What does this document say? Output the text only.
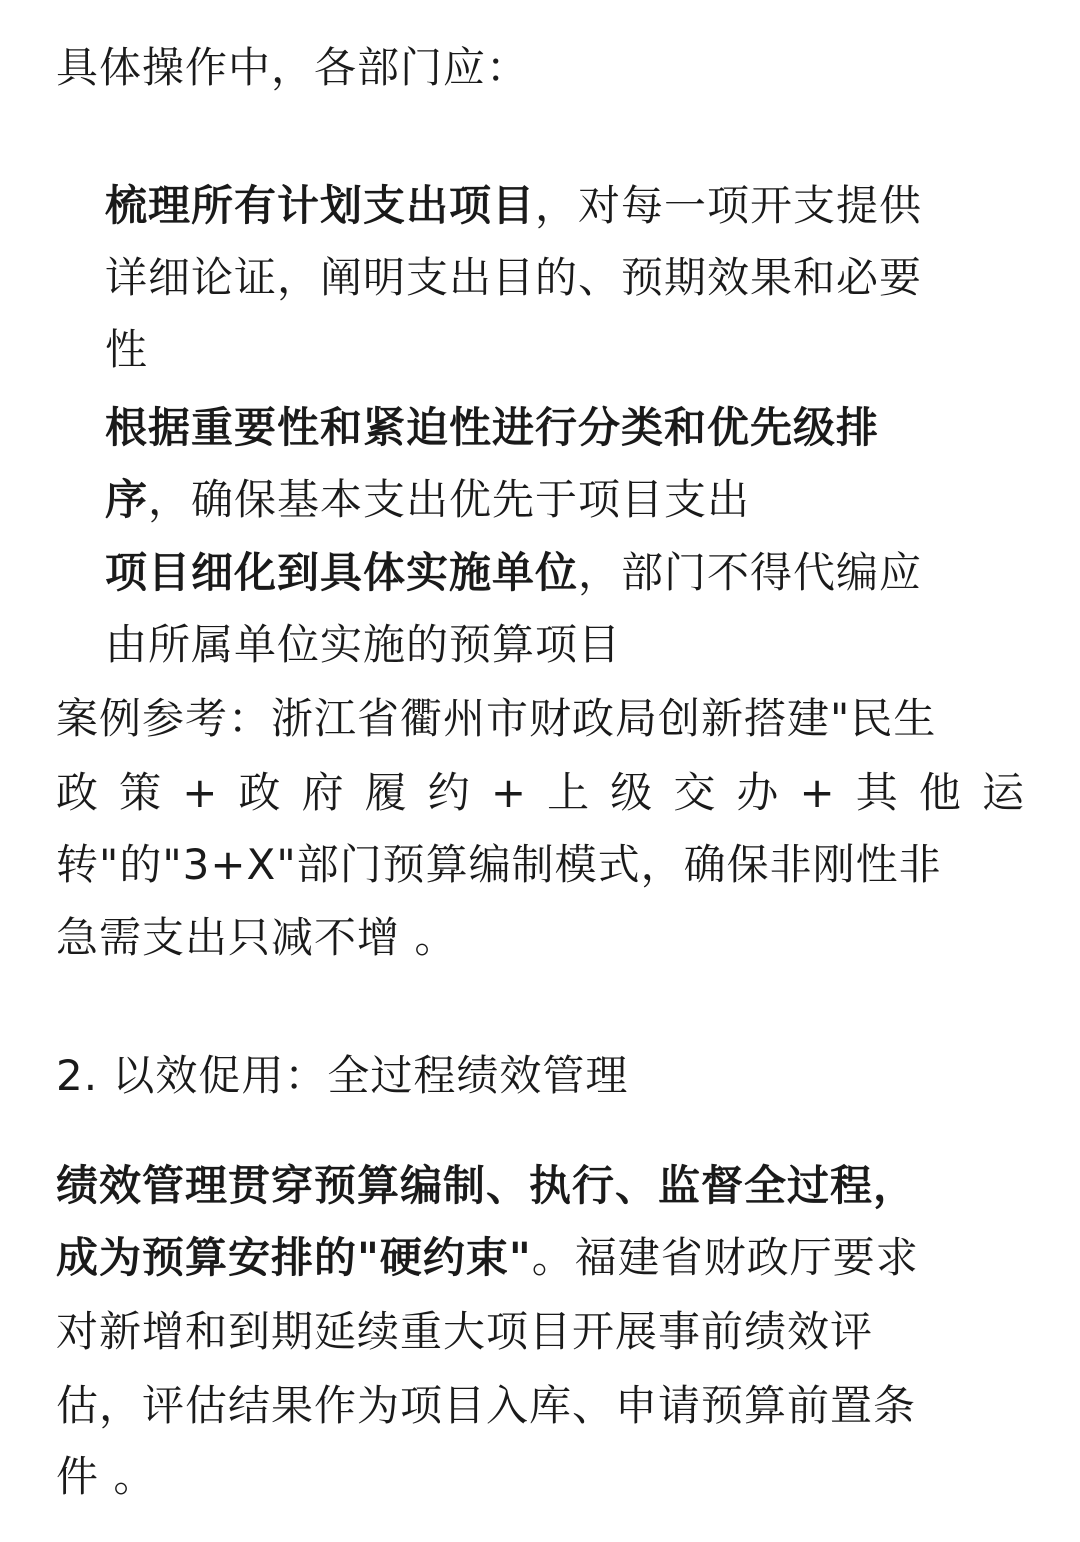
具体操作中，各部门应：

梳理所有计划支出项目，对每一项开支提供

详细论证，阐明支出目的、预期效果和必要

性

根据重要性和紧迫性进行分类和优先级排

序，确保基本支出优先于项目支出

项目细化到具体实施单位，部门不得代编应

由所属单位实施的预算项目

案例参考：浙江省衢州市财政局创新搭建"民生

政 策 + 政 府 履 约 + 上 级 交 办 + 其 他 运

转"的"3+X"部门预算编制模式，确保非刚性非

急需支出只减不增 。

2. 以效促用：全过程绩效管理

绩效管理贯穿预算编制、执行、监督全过程，

成为预算安排的"硬约束"。福建省财政厅要求

对新增和到期延续重大项目开展事前绩效评

估，评估结果作为项目入库、申请预算前置条

件 。
